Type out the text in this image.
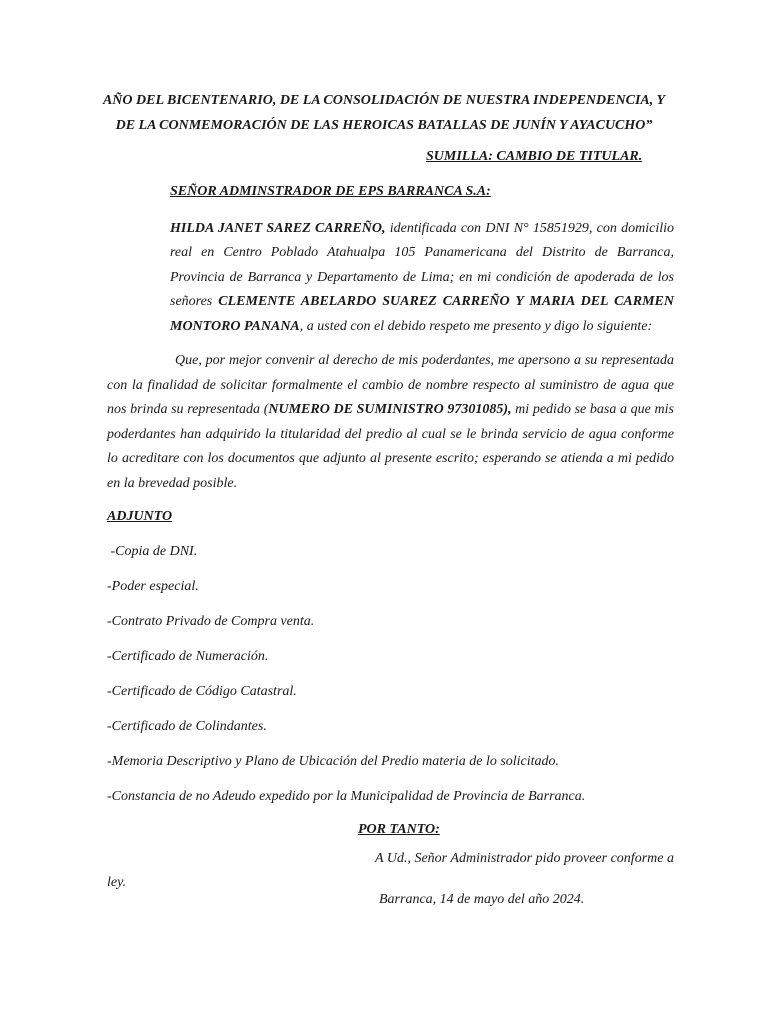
AÑO DEL BICENTENARIO, DE LA CONSOLIDACIÓN DE NUESTRA INDEPENDENCIA, Y
DE LA CONMEMORACIÓN DE LAS HEROICAS BATALLAS DE JUNÍN Y AYACUCHO”
SUMILLA: CAMBIO DE TITULAR.
SEÑOR ADMINSTRADOR DE EPS BARRANCA S.A:
HILDA JANET SAREZ CARREÑO, identificada con DNI N° 15851929, con domicilio real en Centro Poblado Atahualpa 105 Panamericana del Distrito de Barranca, Provincia de Barranca y Departamento de Lima; en mi condición de apoderada de los señores CLEMENTE ABELARDO SUAREZ CARREÑO Y MARIA DEL CARMEN MONTORO PANANA, a usted con el debido respeto me presento y digo lo siguiente:
Que, por mejor convenir al derecho de mis poderdantes, me apersono a su representada con la finalidad de solicitar formalmente el cambio de nombre respecto al suministro de agua que nos brinda su representada (NUMERO DE SUMINISTRO 97301085), mi pedido se basa a que mis poderdantes han adquirido la titularidad del predio al cual se le brinda servicio de agua conforme lo acreditare con los documentos que adjunto al presente escrito; esperando se atienda a mi pedido en la brevedad posible.
ADJUNTO
-Copia de DNI.
-Poder especial.
-Contrato Privado de Compra venta.
-Certificado de Numeración.
-Certificado de Código Catastral.
-Certificado de Colindantes.
-Memoria Descriptivo y Plano de Ubicación del Predio materia de lo solicitado.
-Constancia de no Adeudo expedido por la Municipalidad de Provincia de Barranca.
POR TANTO:
A Ud., Señor Administrador pido proveer conforme a ley.
Barranca, 14 de mayo del año 2024.
